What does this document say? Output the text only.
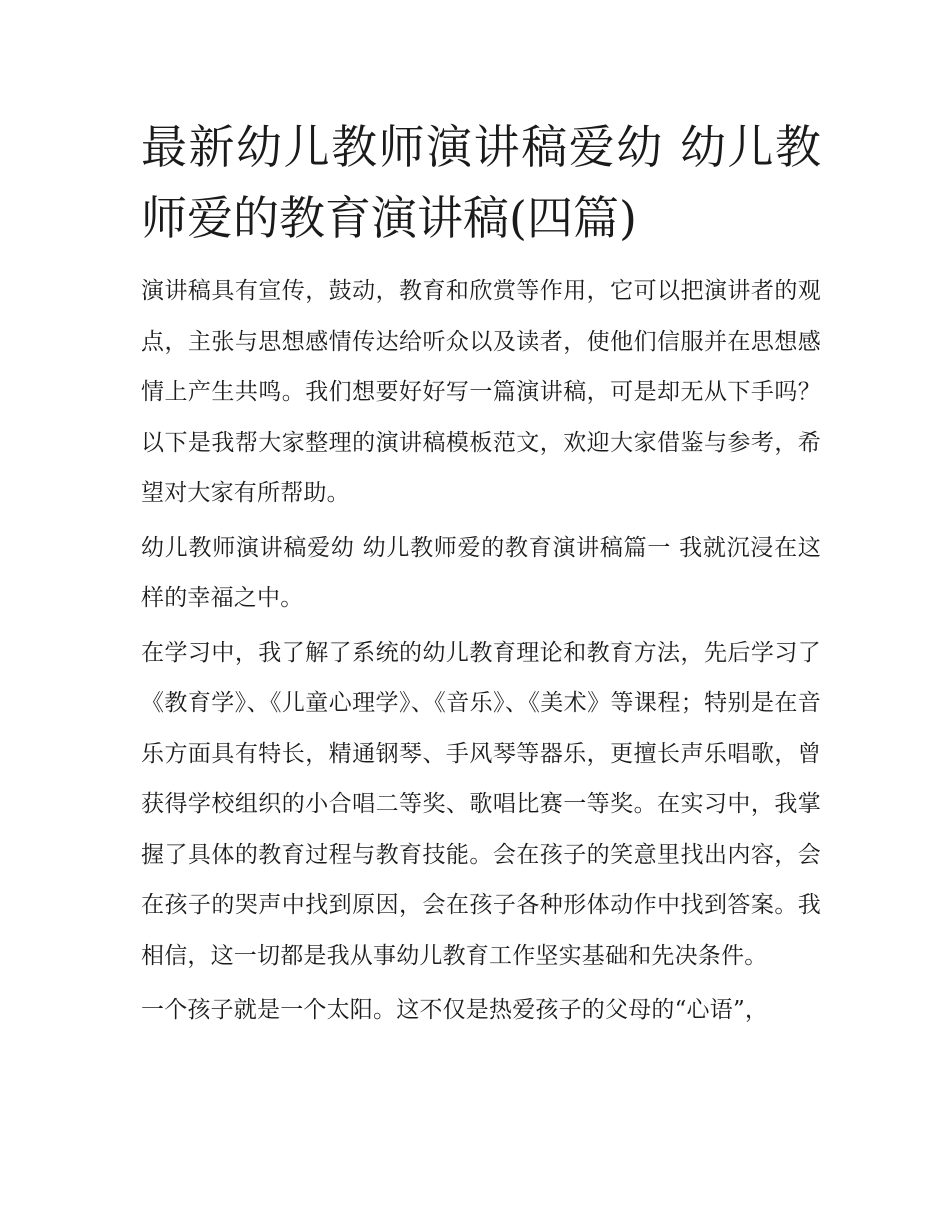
最新幼儿教师演讲稿爱幼 幼儿教师爱的教育演讲稿(四篇)

演讲稿具有宣传，鼓动，教育和欣赏等作用，它可以把演讲者的观点，主张与思想感情传达给听众以及读者，使他们信服并在思想感情上产生共鸣。我们想要好好写一篇演讲稿，可是却无从下手吗？以下是我帮大家整理的演讲稿模板范文，欢迎大家借鉴与参考，希望对大家有所帮助。

幼儿教师演讲稿爱幼 幼儿教师爱的教育演讲稿篇一 我就沉浸在这样的幸福之中。

在学习中，我了解了系统的幼儿教育理论和教育方法，先后学习了《教育学》、《儿童心理学》、《音乐》、《美术》等课程；特别是在音乐方面具有特长，精通钢琴、手风琴等器乐，更擅长声乐唱歌，曾获得学校组织的小合唱二等奖、歌唱比赛一等奖。在实习中，我掌握了具体的教育过程与教育技能。会在孩子的笑意里找出内容，会在孩子的哭声中找到原因，会在孩子各种形体动作中找到答案。我相信，这一切都是我从事幼儿教育工作坚实基础和先决条件。

一个孩子就是一个太阳。这不仅是热爱孩子的父母的“心语”，
